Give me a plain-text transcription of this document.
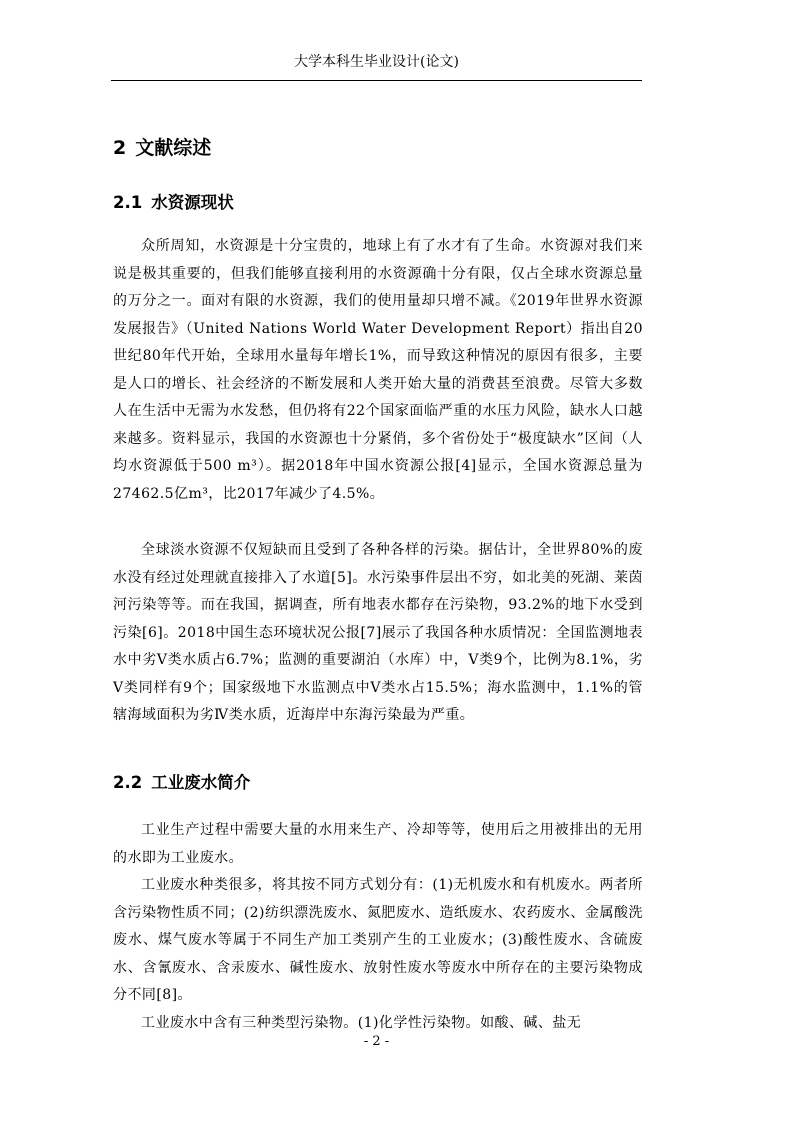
大学本科生毕业设计(论文)
2 文献综述
2.1 水资源现状

众所周知，水资源是十分宝贵的，地球上有了水才有了生命。水资源对我们来说是极其重要的，但我们能够直接利用的水资源确十分有限，仅占全球水资源总量的万分之一。面对有限的水资源，我们的使用量却只增不减。《2019年世界水资源发展报告》（United Nations World Water Development Report）指出自20世纪80年代开始，全球用水量每年增长1%，而导致这种情况的原因有很多，主要是人口的增长、社会经济的不断发展和人类开始大量的消费甚至浪费。尽管大多数人在生活中无需为水发愁，但仍将有22个国家面临严重的水压力风险，缺水人口越来越多。资料显示，我国的水资源也十分紧俏，多个省份处于“极度缺水”区间（人均水资源低于500 m³）。据2018年中国水资源公报[4]显示，全国水资源总量为27462.5亿m³，比2017年减少了4.5%。

全球淡水资源不仅短缺而且受到了各种各样的污染。据估计，全世界80%的废水没有经过处理就直接排入了水道[5]。水污染事件层出不穷，如北美的死湖、莱茵河污染等等。而在我国，据调查，所有地表水都存在污染物，93.2%的地下水受到污染[6]。2018中国生态环境状况公报[7]展示了我国各种水质情况：全国监测地表水中劣Ⅴ类水质占6.7%；监测的重要湖泊（水库）中，Ⅴ类9个，比例为8.1%，劣Ⅴ类同样有9个；国家级地下水监测点中Ⅴ类水占15.5%；海水监测中，1.1%的管辖海域面积为劣Ⅳ类水质，近海岸中东海污染最为严重。

2.2 工业废水简介

工业生产过程中需要大量的水用来生产、冷却等等，使用后之用被排出的无用的水即为工业废水。

工业废水种类很多，将其按不同方式划分有：(1)无机废水和有机废水。两者所含污染物性质不同；(2)纺织漂洗废水、氮肥废水、造纸废水、农药废水、金属酸洗废水、煤气废水等属于不同生产加工类别产生的工业废水；(3)酸性废水、含硫废水、含氰废水、含汞废水、碱性废水、放射性废水等废水中所存在的主要污染物成分不同[8]。

工业废水中含有三种类型污染物。(1)化学性污染物。如酸、碱、盐无

- 2 -
